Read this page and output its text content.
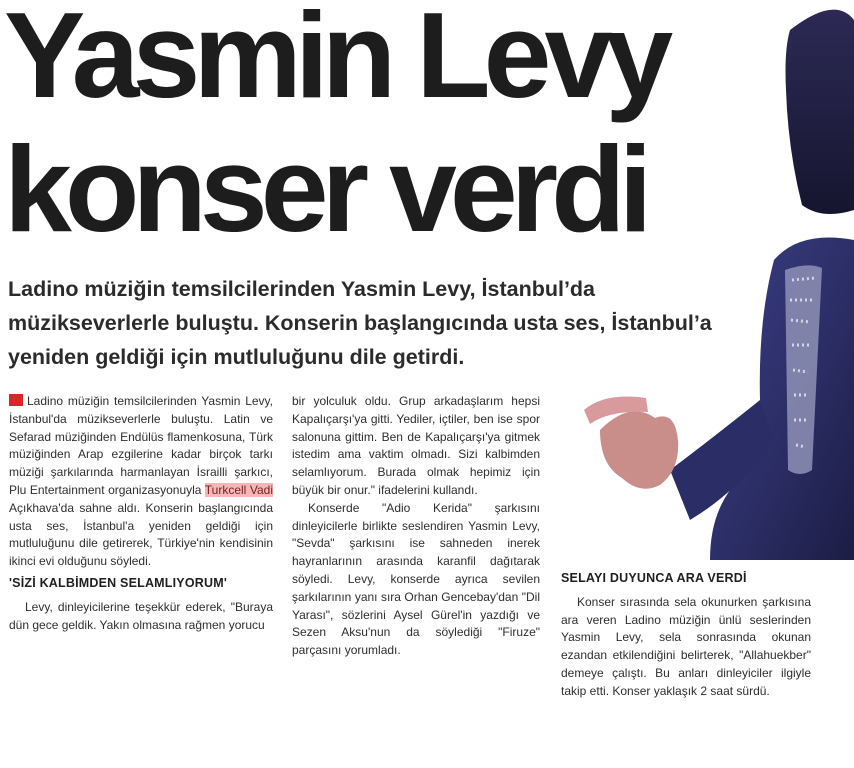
Yasmin Levy
konser verdi

Ladino müziğin temsilcilerinden Yasmin Levy, İstanbul’da müzikseverlerle buluştu. Konserin başlangıcında usta ses, İstanbul’a yeniden geldiği için mutluluğunu dile getirdi.

Ladino müziğin temsilcilerinden Yasmin Levy, İstanbul'da müzikseverlerle buluştu. Latin ve Sefarad müziğinden Endülüs flamenkosuna, Türk müziğinden Arap ezgilerine kadar birçok tarkı müziği şarkılarında harmanlayan İsrailli şarkıcı, Plu Entertainment organizasyonuyla Turkcell Vadi Açıkhava'da sahne aldı. Konserin başlangıcında usta ses, İstanbul'a yeniden geldiği için mutluluğunu dile getirerek, Türkiye'nin kendisinin ikinci evi olduğunu söyledi.

'SİZİ KALBİMDEN SELAMLIYORUM'

Levy, dinleyicilerine teşekkür ederek, "Buraya dün gece geldik. Yakın olmasına rağmen yorucu

bir yolculuk oldu. Grup arkadaşlarım hepsi Kapalıçarşı'ya gitti. Yediler, içtiler, ben ise spor salonuna gittim. Ben de Kapalıçarşı'ya gitmek istedim ama vaktim olmadı. Sizi kalbimden selamlıyorum. Burada olmak hepimiz için büyük bir onur." ifadelerini kullandı.

Konserde "Adio Kerida" şarkısını dinleyicilerle birlikte seslendiren Yasmin Levy, "Sevda" şarkısını ise sahneden inerek hayranlarının arasında karanfil dağıtarak söyledi. Levy, konserde ayrıca sevilen şarkılarının yanı sıra Orhan Gencebay'dan "Dil Yarası", sözlerini Aysel Gürel'in yazdığı ve Sezen Aksu'nun da söylediği "Firuze" parçasını yorumladı.

SELAYI DUYUNCA ARA VERDİ

Konser sırasında sela okunurken şarkısına ara veren Ladino müziğin ünlü seslerinden Yasmin Levy, sela sonrasında okunan ezandan etkilendiğini belirterek, "Allahuekber" demeye çalıştı. Bu anları dinleyiciler ilgiyle takip etti. Konser yaklaşık 2 saat sürdü.
